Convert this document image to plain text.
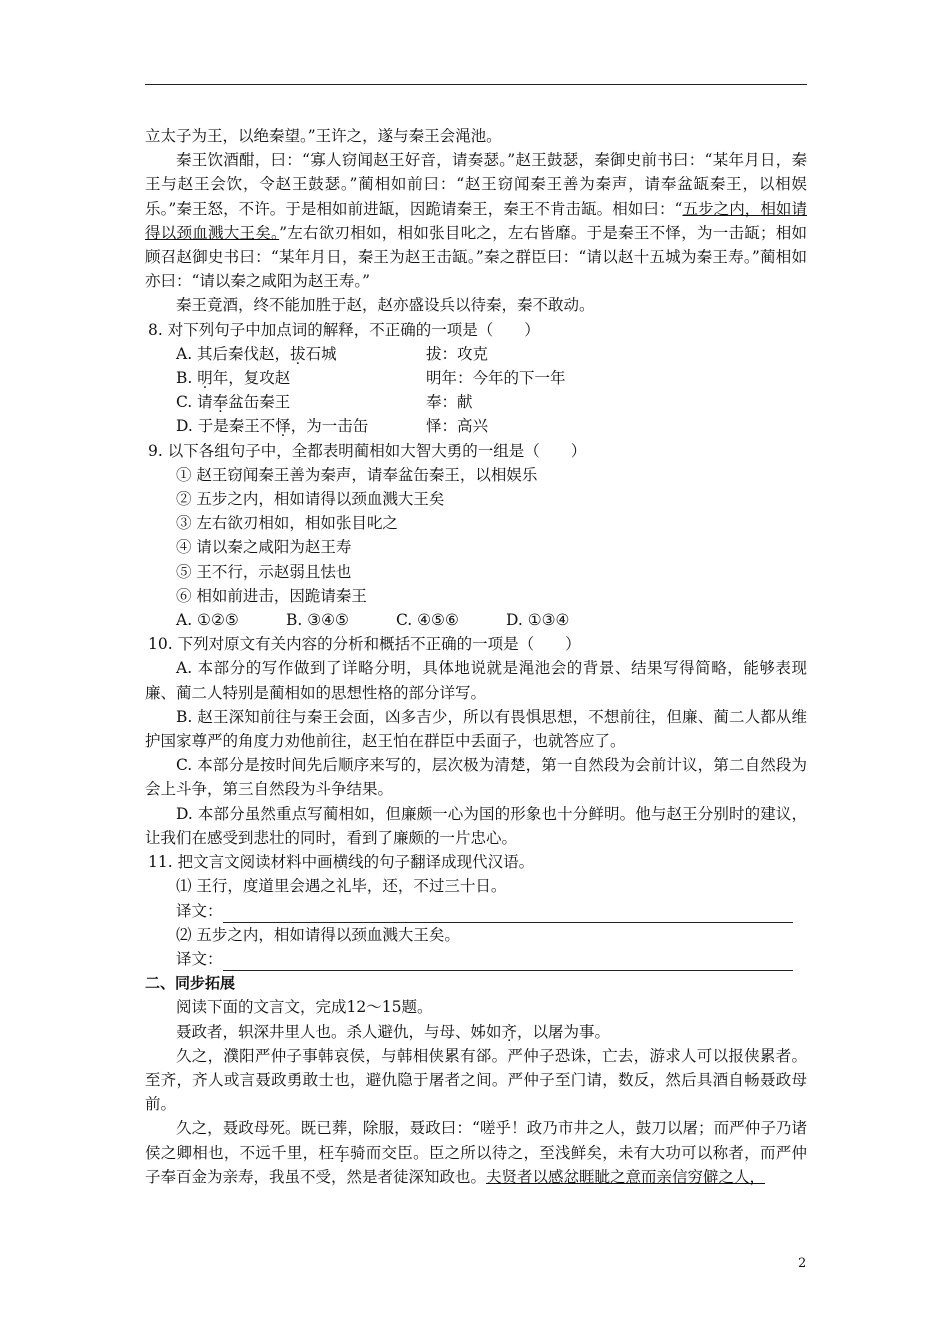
立太子为王，以绝秦望。”王许之，遂与秦王会渑池。

秦王饮酒酣，曰：“寡人窃闻赵王好音，请奏瑟。”赵王鼓瑟，秦御史前书曰：“某年月日，秦王与赵王会饮，令赵王鼓瑟。”蔺相如前曰：“赵王窃闻秦王善为秦声，请奉盆缻秦王，以相娱乐。”秦王怒，不许。于是相如前进缻，因跪请秦王，秦王不肯击缻。相如曰：“五步之内，相如请得以颈血溅大王矣。”左右欲刃相如，相如张目叱之，左右皆靡。于是秦王不怿，为一击缻；相如顾召赵御史书曰：“某年月日，秦王为赵王击缻。”秦之群臣曰：“请以赵十五城为秦王寿。”蔺相如亦曰：“请以秦之咸阳为赵王寿。”

秦王竟酒，终不能加胜于赵，赵亦盛设兵以待秦，秦不敢动。

8. 对下列句子中加点词的解释，不正确的一项是（　　）

A. 其后秦伐赵，拔石城	拔：攻克

B. 明年，复攻赵	明年：今年的下一年

C. 请奉盆缶秦王	奉：献

D. 于是秦王不怿，为一击缶	怿：高兴

9. 以下各组句子中，全都表明蔺相如大智大勇的一组是（　　）

① 赵王窃闻秦王善为秦声，请奉盆缶秦王，以相娱乐

② 五步之内，相如请得以颈血溅大王矣

③ 左右欲刃相如，相如张目叱之

④ 请以秦之咸阳为赵王寿

⑤ 王不行，示赵弱且怯也

⑥ 相如前进击，因跪请秦王

A. ①②⑤	B. ③④⑤	C. ④⑤⑥	D. ①③④

10. 下列对原文有关内容的分析和概括不正确的一项是（　　）

A. 本部分的写作做到了详略分明，具体地说就是渑池会的背景、结果写得简略，能够表现廉、蔺二人特别是蔺相如的思想性格的部分详写。

B. 赵王深知前往与秦王会面，凶多吉少，所以有畏惧思想，不想前往，但廉、蔺二人都从维护国家尊严的角度力劝他前往，赵王怕在群臣中丢面子，也就答应了。

C. 本部分是按时间先后顺序来写的，层次极为清楚，第一自然段为会前计议，第二自然段为会上斗争，第三自然段为斗争结果。

D. 本部分虽然重点写蔺相如，但廉颇一心为国的形象也十分鲜明。他与赵王分别时的建议，让我们在感受到悲壮的同时，看到了廉颇的一片忠心。

11. 把文言文阅读材料中画横线的句子翻译成现代汉语。

⑴ 王行，度道里会遇之礼毕，还，不过三十日。

译文：

⑵ 五步之内，相如请得以颈血溅大王矣。

译文：

二、同步拓展

阅读下面的文言文，完成12～15题。

聂政者，轵深井里人也。杀人避仇，与母、姊如齐，以屠为事。

久之，濮阳严仲子事韩哀侯，与韩相侠累有郤。严仲子恐诛，亡去，游求人可以报侠累者。至齐，齐人或言聂政勇敢士也，避仇隐于屠者之间。严仲子至门请，数反，然后具酒自畅聂政母前。

久之，聂政母死。既已葬，除服，聂政曰：“嗟乎！政乃市井之人，鼓刀以屠；而严仲子乃诸侯之卿相也，不远千里，枉车骑而交臣。臣之所以待之，至浅鲜矣，未有大功可以称者，而严仲子奉百金为亲寿，我虽不受，然是者徒深知政也。夫贤者以感忿睚眦之意而亲信穷僻之人，

2
